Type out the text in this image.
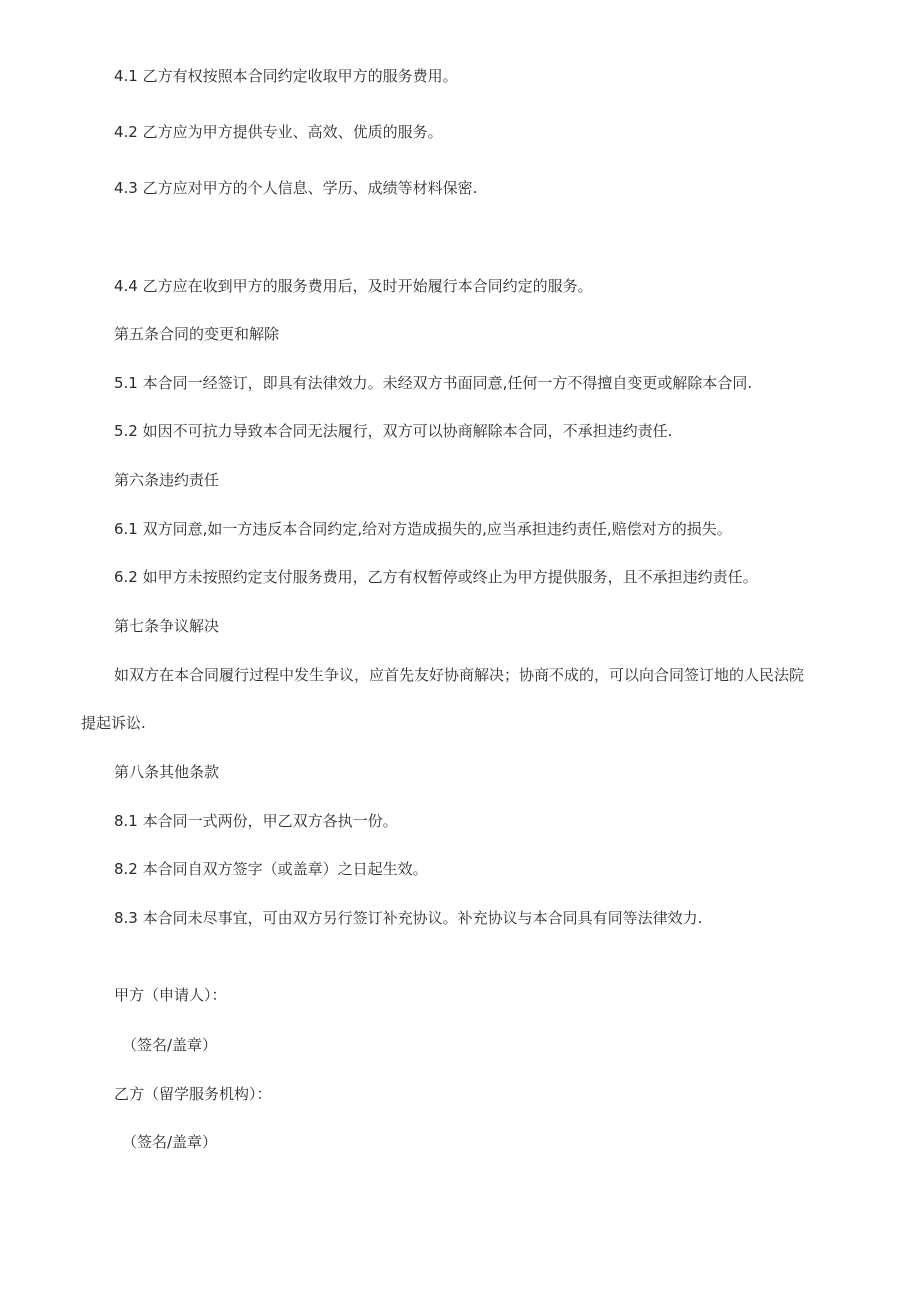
4.1 乙方有权按照本合同约定收取甲方的服务费用。
4.2 乙方应为甲方提供专业、高效、优质的服务。
4.3 乙方应对甲方的个人信息、学历、成绩等材料保密.
4.4 乙方应在收到甲方的服务费用后，及时开始履行本合同约定的服务。
第五条合同的变更和解除
5.1 本合同一经签订，即具有法律效力。未经双方书面同意,任何一方不得擅自变更或解除本合同.
5.2 如因不可抗力导致本合同无法履行，双方可以协商解除本合同，不承担违约责任.
第六条违约责任
6.1 双方同意,如一方违反本合同约定,给对方造成损失的,应当承担违约责任,赔偿对方的损失。
6.2 如甲方未按照约定支付服务费用，乙方有权暂停或终止为甲方提供服务，且不承担违约责任。
第七条争议解决
如双方在本合同履行过程中发生争议，应首先友好协商解决；协商不成的，可以向合同签订地的人民法院
提起诉讼.
第八条其他条款
8.1 本合同一式两份，甲乙双方各执一份。
8.2 本合同自双方签字（或盖章）之日起生效。
8.3 本合同未尽事宜，可由双方另行签订补充协议。补充协议与本合同具有同等法律效力.
甲方（申请人）：
（签名/盖章）
乙方（留学服务机构）：
（签名/盖章）
